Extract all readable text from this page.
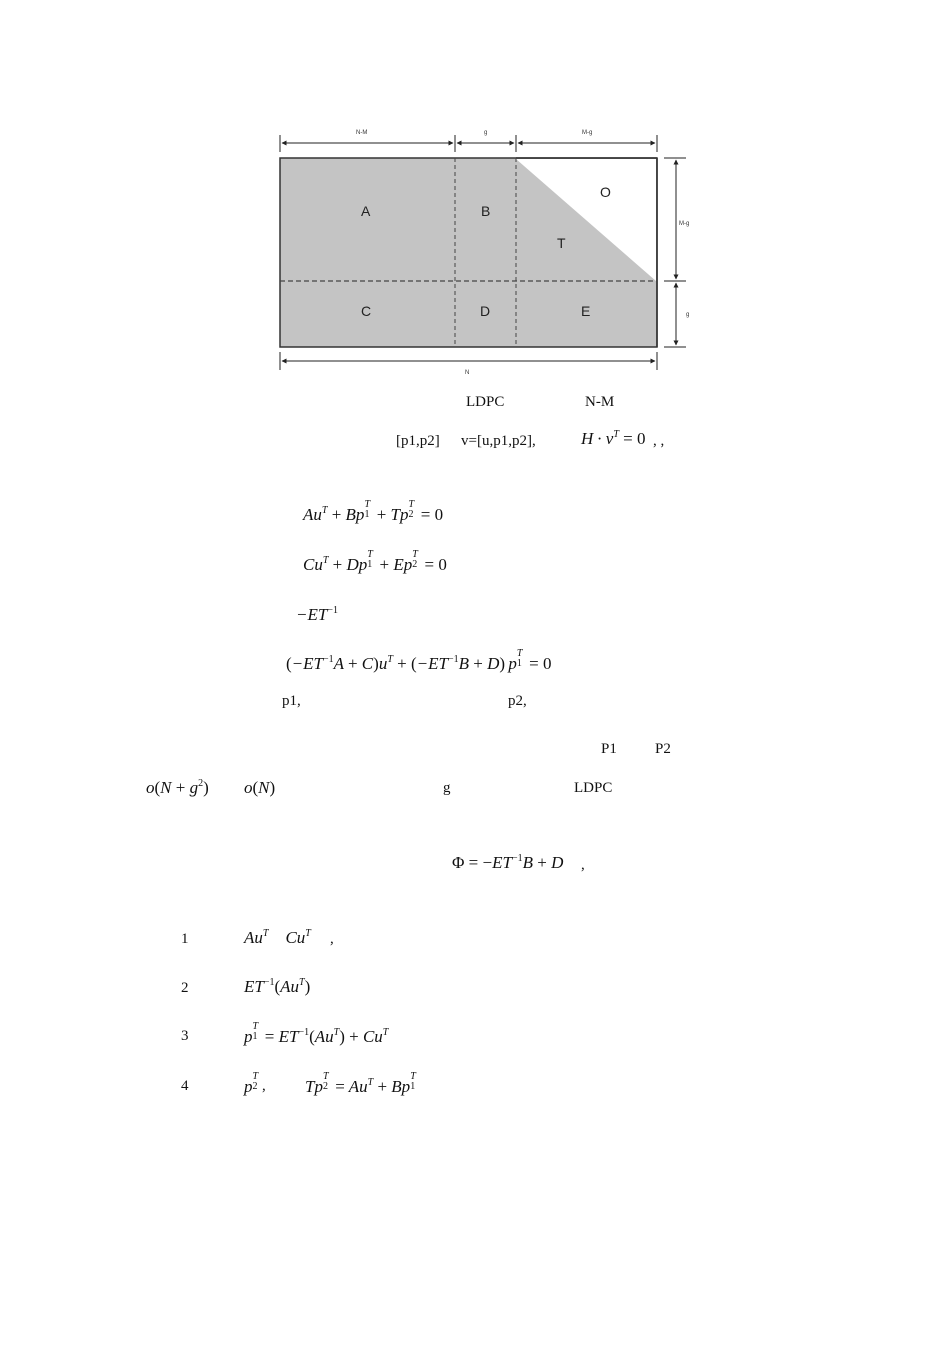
N-M	g	M-g
M-g
g
N
A	B
O
T
C	D	E
LDPC	N-M
[p1,p2] v=[u,p1,p2],	$H \cdot v^T = 0$ , ,
$Au^T + Bp$
T
1 + Tp
T
2 = 0
$Cu^T + Dp$
T
1 + Ep
T
2 = 0
$-ET^{-1}$
$(-ET^{-1}A + C)u^T + (-ET^{-1}B + D)$ p
T
1 = 0
p1,	p2,
P1	P2
$o(N + g^2)$ o(N)	g	LDPC
$\Phi = -ET^{-1}B + D$ ,
1	$Au^T$    $Cu^T$ ,
2	$ET^{-1}(Au^T)$
3	p
T
$1 = ET^{-1}(Au^T) + Cu^T$
4	p
T
2 , Tp
T
$2 = Au^T + Bp$
T
1
